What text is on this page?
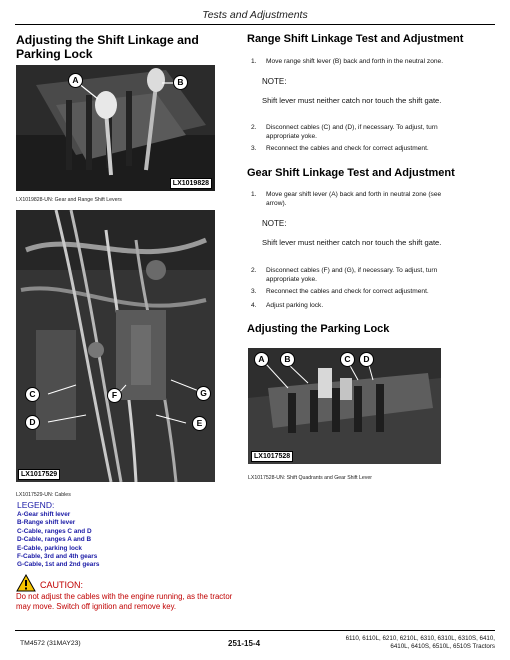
Tests and Adjustments
Adjusting the Shift Linkage and Parking Lock
A	B
LX1019828
LX1019828-UN: Gear and Range Shift Levers
C
D	E
F	G
LX1017529
LX1017529-UN: Cables
LEGEND:
A-Gear shift lever
B-Range shift lever
C-Cable, ranges C and D
D-Cable, ranges A and B
E-Cable, parking lock
F-Cable, 3rd and 4th gears
G-Cable, 1st and 2nd gears
CAUTION:
Do not adjust the cables with the engine running, as the tractor may move. Switch off ignition and remove key.
Range Shift Linkage Test and Adjustment
1. Move range shift lever (B) back and forth in the neutral zone.
NOTE:
Shift lever must neither catch nor touch the shift gate.
2. Disconnect cables (C) and (D), if necessary. To adjust, turn
appropriate yoke.
3. Reconnect the cables and check for correct adjustment.
Gear Shift Linkage Test and Adjustment
1. Move gear shift lever (A) back and forth in neutral zone (see
arrow).
NOTE:
Shift lever must neither catch nor touch the shift gate.
2. Disconnect cables (F) and (G), if necessary. To adjust, turn
appropriate yoke.
3. Reconnect the cables and check for correct adjustment.
4. Adjust parking lock.
Adjusting the Parking Lock
A	B	C	D
LX1017528
LX1017528-UN: Shift Quadrants and Gear Shift Lever
TM4572 (31MAY23)	251-15-4
6110, 6110L, 6210, 6210L, 6310, 6310L, 6310S, 6410,
6410L, 6410S, 6510L, 6510S Tractors
